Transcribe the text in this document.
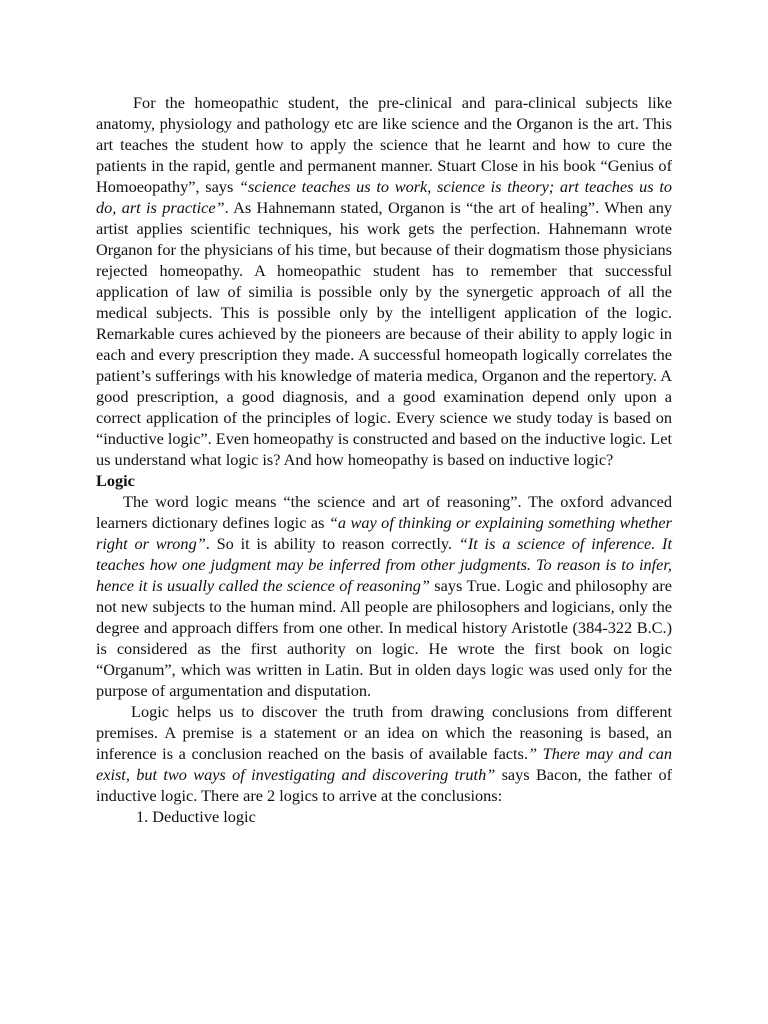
For the homeopathic student, the pre-clinical and para-clinical subjects like anatomy, physiology and pathology etc are like science and the Organon is the art. This art teaches the student how to apply the science that he learnt and how to cure the patients in the rapid, gentle and permanent manner. Stuart Close in his book “Genius of Homoeopathy”, says “science teaches us to work, science is theory; art teaches us to do, art is practice”. As Hahnemann stated, Organon is “the art of healing”. When any artist applies scientific techniques, his work gets the perfection. Hahnemann wrote Organon for the physicians of his time, but because of their dogmatism those physicians rejected homeopathy. A homeopathic student has to remember that successful application of law of similia is possible only by the synergetic approach of all the medical subjects. This is possible only by the intelligent application of the logic. Remarkable cures achieved by the pioneers are because of their ability to apply logic in each and every prescription they made. A successful homeopath logically correlates the patient’s sufferings with his knowledge of materia medica, Organon and the repertory. A good prescription, a good diagnosis, and a good examination depend only upon a correct application of the principles of logic. Every science we study today is based on “inductive logic”. Even homeopathy is constructed and based on the inductive logic. Let us understand what logic is? And how homeopathy is based on inductive logic?

Logic

The word logic means “the science and art of reasoning”. The oxford advanced learners dictionary defines logic as “a way of thinking or explaining something whether right or wrong”. So it is ability to reason correctly. “It is a science of inference. It teaches how one judgment may be inferred from other judgments. To reason is to infer, hence it is usually called the science of reasoning” says True. Logic and philosophy are not new subjects to the human mind. All people are philosophers and logicians, only the degree and approach differs from one other. In medical history Aristotle (384-322 B.C.) is considered as the first authority on logic. He wrote the first book on logic “Organum”, which was written in Latin. But in olden days logic was used only for the purpose of argumentation and disputation.

Logic helps us to discover the truth from drawing conclusions from different premises. A premise is a statement or an idea on which the reasoning is based, an inference is a conclusion reached on the basis of available facts.” There may and can exist, but two ways of investigating and discovering truth” says Bacon, the father of inductive logic. There are 2 logics to arrive at the conclusions:

1. Deductive logic
